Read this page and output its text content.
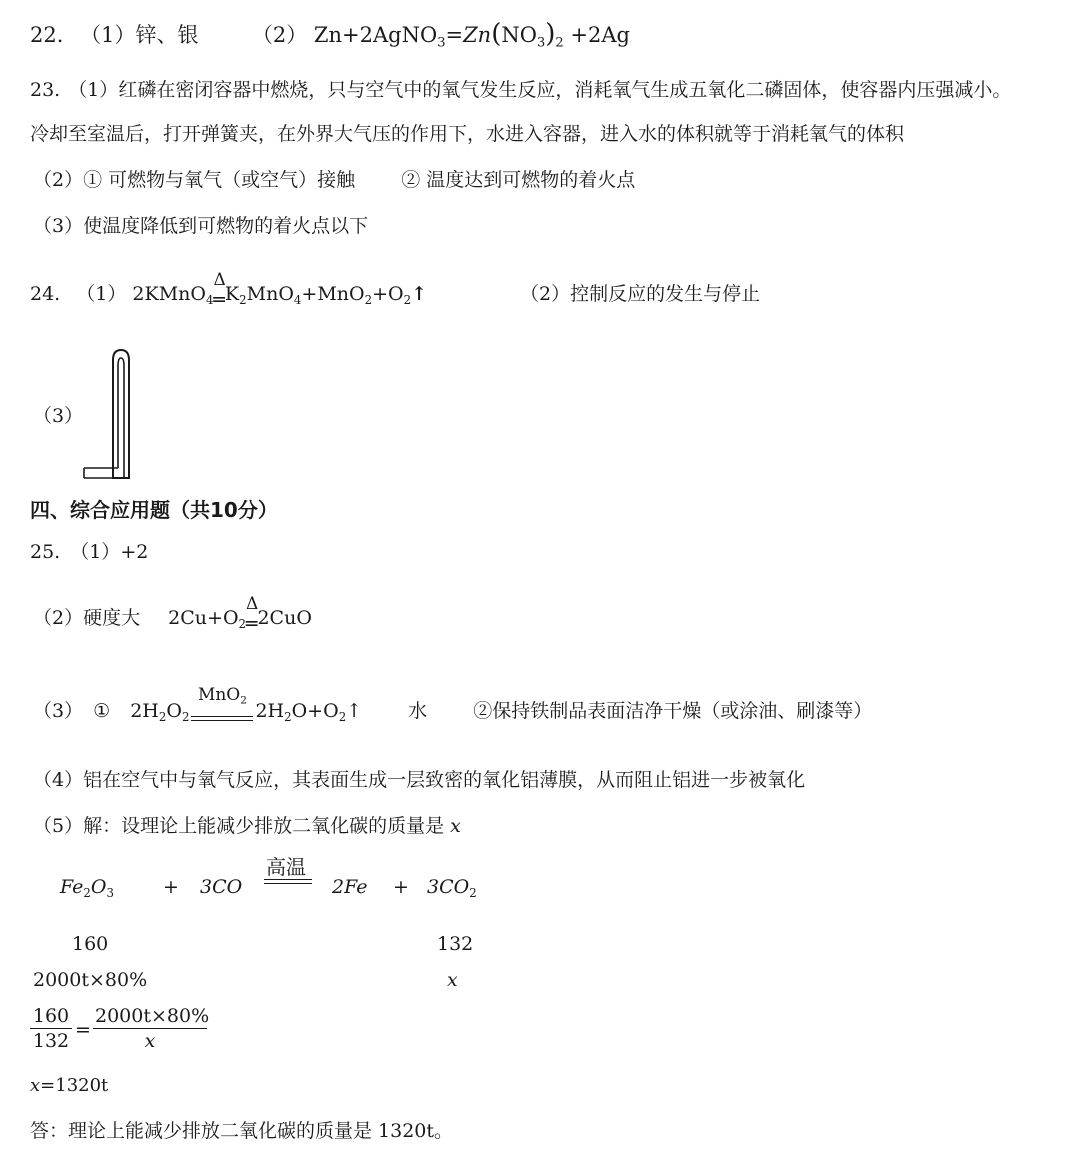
22. （1）锌、银	（2） $Zn+2AgNO_3=Zn(NO_3)_2 +2Ag$
23. （1）红磷在密闭容器中燃烧，只与空气中的氧气发生反应，消耗氧气生成五氧化二磷固体，使容器内压强减小。
冷却至室温后，打开弹簧夹，在外界大气压的作用下，水进入容器，进入水的体积就等于消耗氧气的体积
（2）① 可燃物与氧气（或空气）接触 ② 温度达到可燃物的着火点
（3）使温度降低到可燃物的着火点以下
24. （1） 2KMnO$_4$
Δ
$═K_2MnO_4+MnO_2+O_2↑$	（2）控制反应的发生与停止
（3）
四、综合应用题（共10分）
25. （1）+2
（2）硬度大 $2Cu+O_2$
Δ
═2CuO
（3） ① $2H_2O_2$
MnO$_2$ $2H_2O+O_2↑$ 水 ②保持铁制品表面洁净干燥（或涂油、刷漆等）
（4）铝在空气中与氧气反应，其表面生成一层致密的氧化铝薄膜，从而阻止铝进一步被氧化
（5）解：设理论上能减少排放二氧化碳的质量是 x
$Fe_2O_3$	+ 3CO
高温
$2Fe + 3CO_2$
160	132
2000t×80%	x
$\frac{160}{132} = \frac{2000t\times 80\%}{x}$
x=1320t
答：理论上能减少排放二氧化碳的质量是 1320t。
